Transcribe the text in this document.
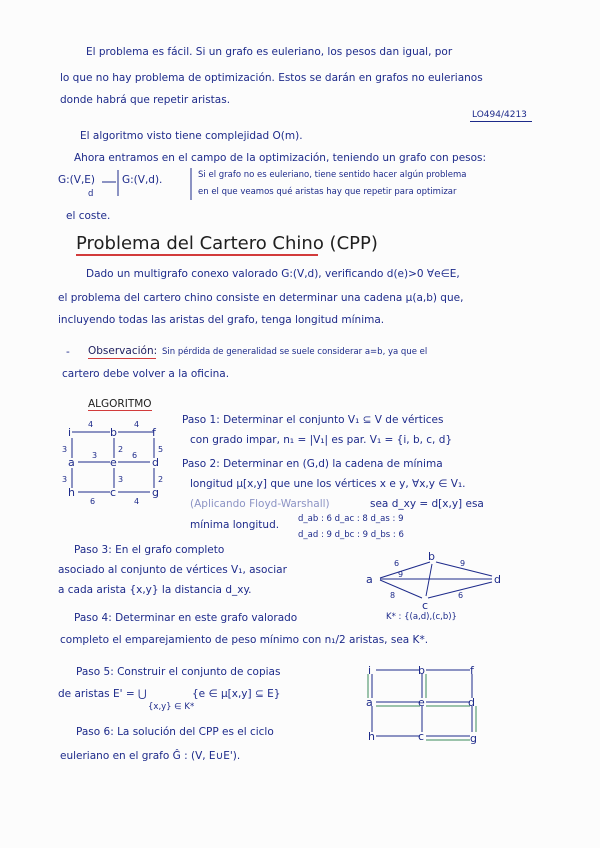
El problema es fácil. Si un grafo es euleriano, los pesos dan igual, por
lo que no hay problema de optimización. Estos se darán en grafos no eulerianos
donde habrá que repetir aristas.
LO494/4213
El algoritmo visto tiene complejidad O(m).
Ahora entramos en el campo de la optimización, teniendo un grafo con pesos:
G:(V,E)
d
G:(V,d).	Si el grafo no es euleriano, tiene sentido hacer algún problema
en el que veamos qué aristas hay que repetir para optimizar
el coste.
Problema del Cartero Chino (CPP)
Dado un multigrafo conexo valorado G:(V,d), verificando d(e)>0 ∀e∈E,
el problema del cartero chino consiste en determinar una cadena μ(a,b) que,
incluyendo todas las aristas del grafo, tenga longitud mínima.
- Observación: Sin pérdida de generalidad se suele considerar a=b, ya que el
cartero debe volver a la oficina.
ALGORITMO
i	b	f
a	e	d
h	c	g
4	4
3	5
3	6
2
2
3	3
6	4
Paso 1: Determinar el conjunto V₁ ⊆ V de vértices
con grado impar, n₁ = |V₁| es par. V₁ = {i, b, c, d}
Paso 2: Determinar en (G,d) la cadena de mínima
longitud μ[x,y] que une los vértices x e y, ∀x,y ∈ V₁.
(Aplicando Floyd-Warshall)	sea d_xy = d[x,y] esa
mínima longitud. d_ab : 6 d_ac : 8 d_as : 9
d_ad : 9 d_bc : 9 d_bs : 6
Paso 3: En el grafo completo
asociado al conjunto de vértices V₁, asociar
a cada arista {x,y} la distancia d_xy.
a
b
c
d
6
9
9
8	6
Paso 4: Determinar en este grafo valorado
completo el emparejamiento de peso mínimo con n₁/2 aristas, sea K*.
K* : {(a,d),(c,b)}
Paso 5: Construir el conjunto de copias
de aristas E' = ⋃	{e ∈ μ[x,y] ⊆ E}
{x,y} ∈ K*
i	b	f
a	e	d
h	c	g
Paso 6: La solución del CPP es el ciclo
euleriano en el grafo Ĝ : (V, E∪E').
